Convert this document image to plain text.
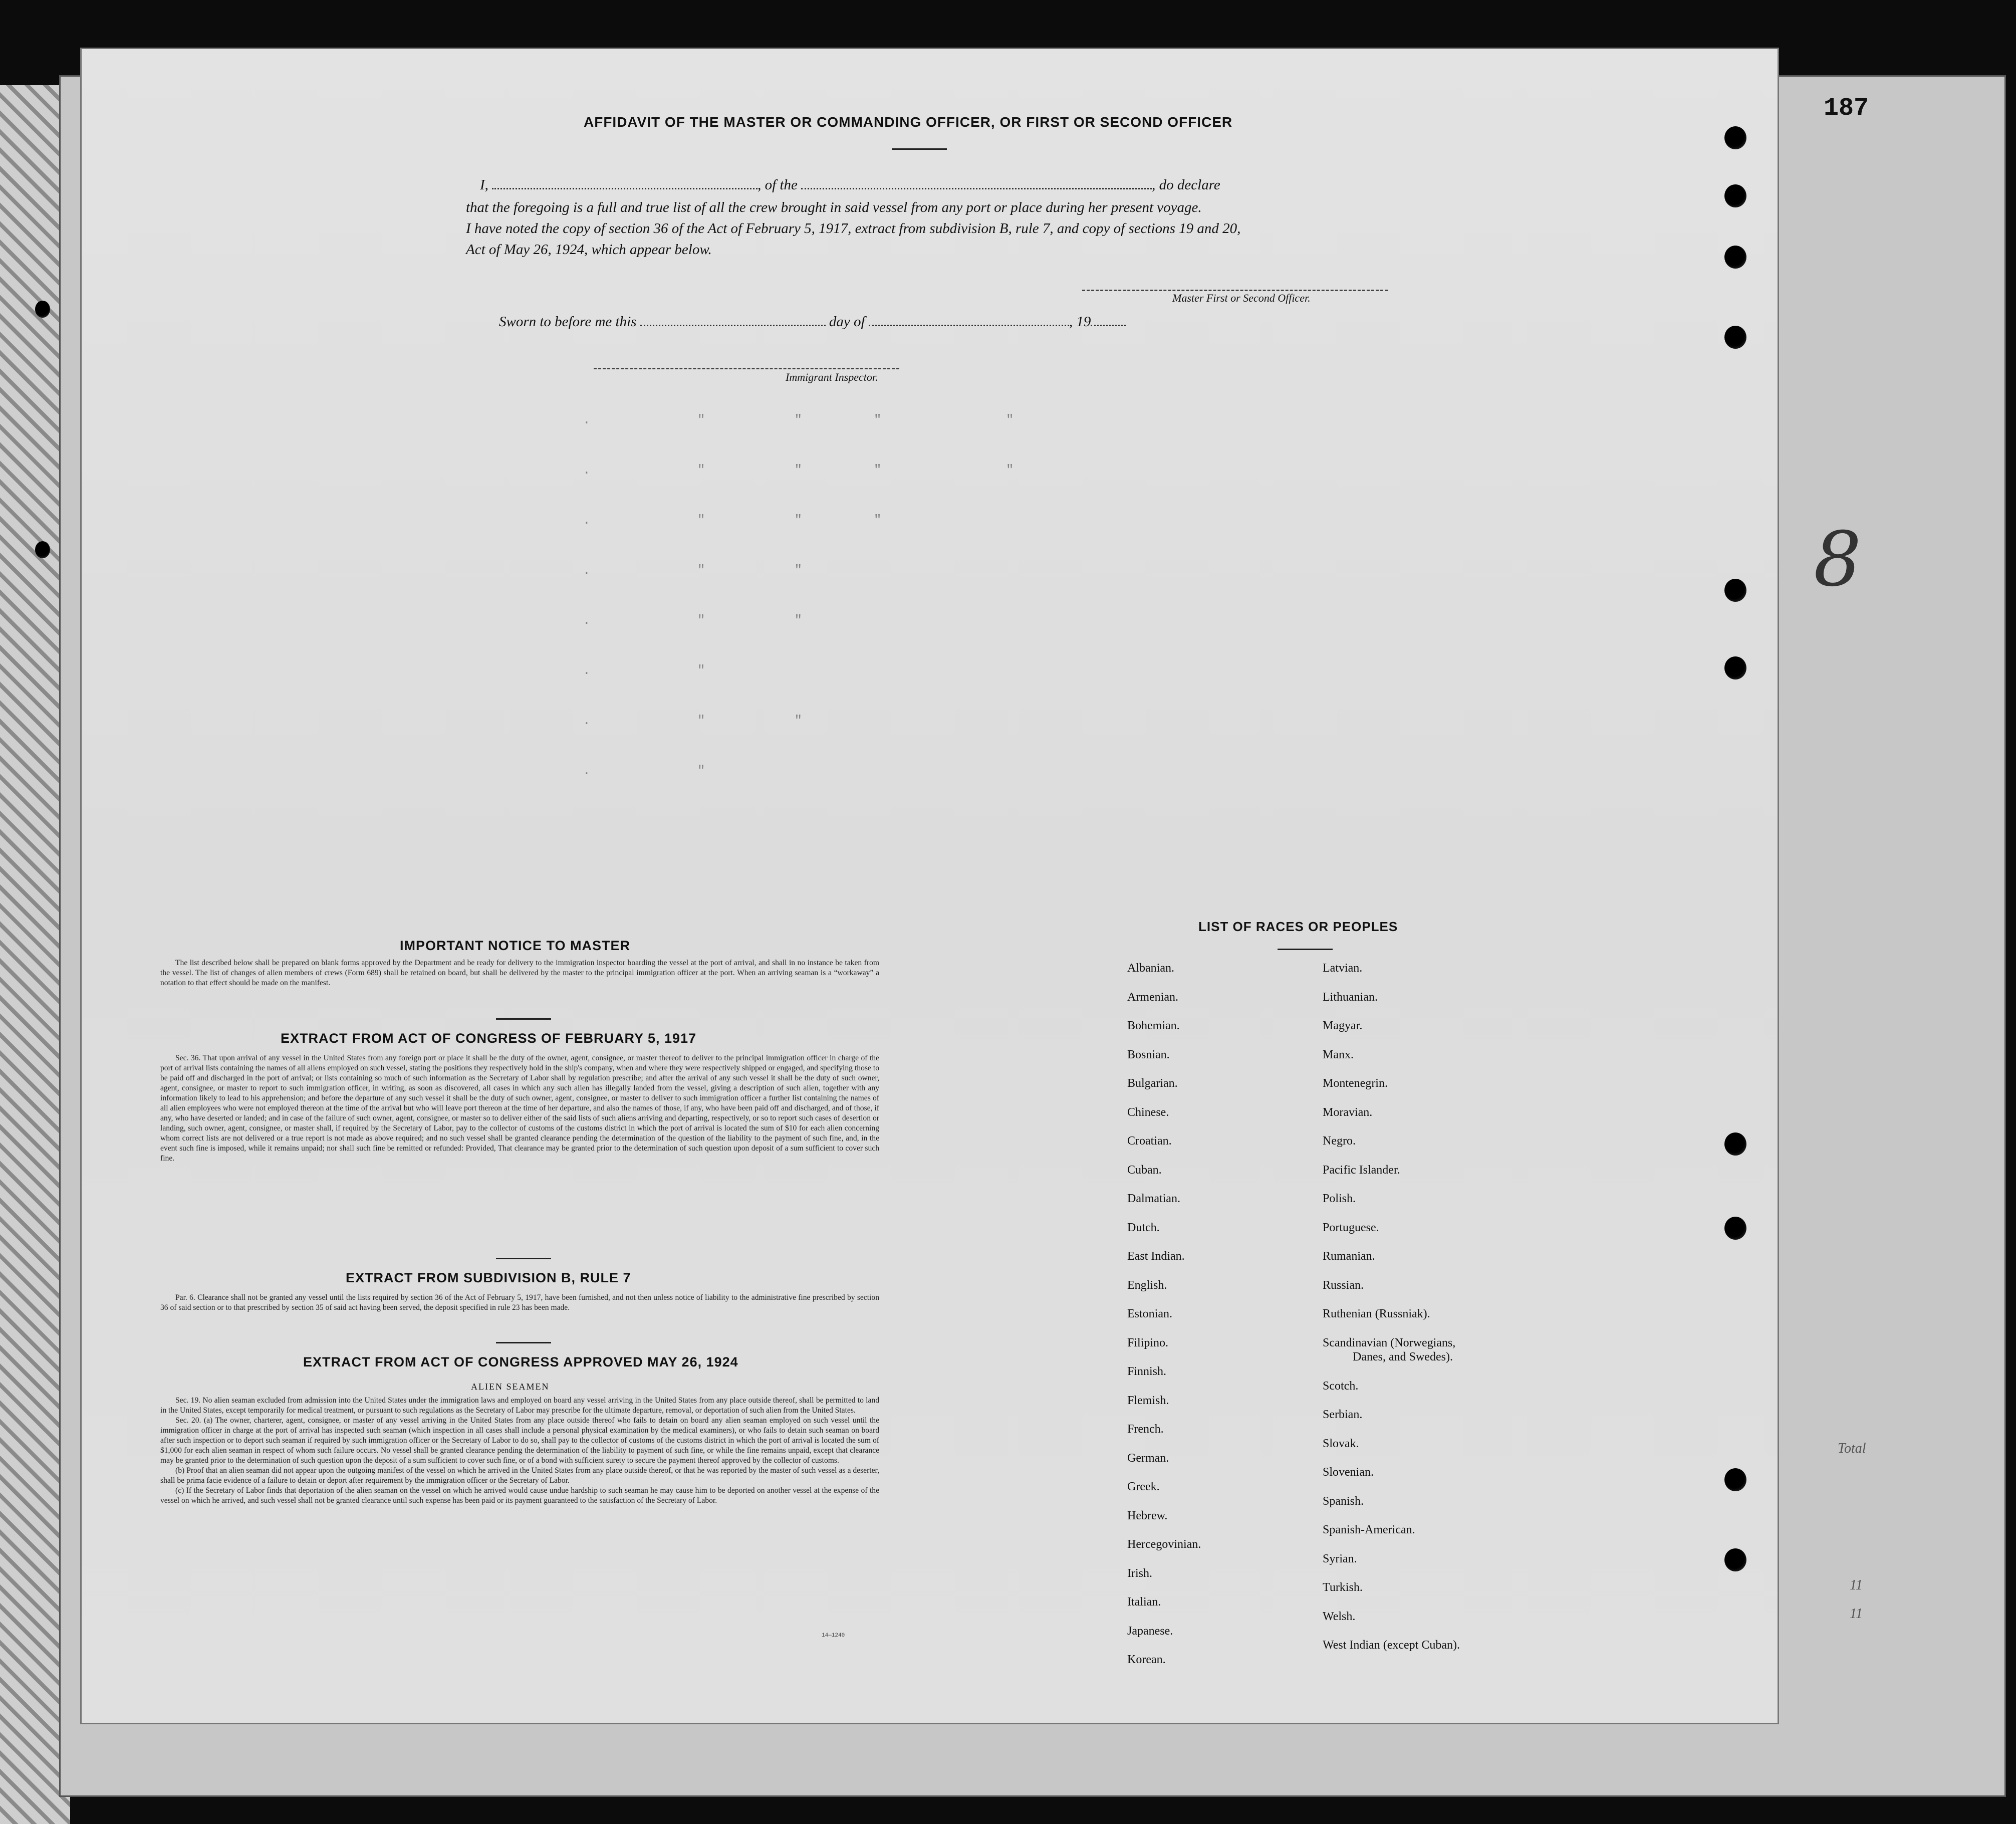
.            "          "        "              "
.            "          "        "              "
.            "          "        "
.            "          "
.            "          "
.            "
.            "          "
.            "
187
AFFIDAVIT OF THE MASTER OR COMMANDING OFFICER, OR FIRST OR SECOND OFFICER
I,	, of the	, do declare
that the foregoing is a full and true list of all the crew brought in said vessel from any port or place during her present voyage.
I have noted the copy of section 36 of the Act of February 5, 1917, extract from subdivision B, rule 7, and copy of sections 19 and 20,
Act of May 26, 1924, which appear below.
Master First or Second Officer.
Sworn to before me this	day of	, 19
Immigrant Inspector.
IMPORTANT NOTICE TO MASTER

The list described below shall be prepared on blank forms approved by the Department and be ready for delivery to the immigration inspector boarding the vessel at the port of arrival, and shall in no instance be taken from the vessel. The list of changes of alien members of crews (Form 689) shall be retained on board, but shall be delivered by the master to the principal immigration officer at the port. When an arriving seaman is a “workaway” a notation to that effect should be made on the manifest.

EXTRACT FROM ACT OF CONGRESS OF FEBRUARY 5, 1917

Sec. 36. That upon arrival of any vessel in the United States from any foreign port or place it shall be the duty of the owner, agent, consignee, or master thereof to deliver to the principal immigration officer in charge of the port of arrival lists containing the names of all aliens employed on such vessel, stating the positions they respectively hold in the ship's company, when and where they were respectively shipped or engaged, and specifying those to be paid off and discharged in the port of arrival; or lists containing so much of such information as the Secretary of Labor shall by regulation prescribe; and after the arrival of any such vessel it shall be the duty of such owner, agent, consignee, or master to report to such immigration officer, in writing, as soon as discovered, all cases in which any such alien has illegally landed from the vessel, giving a description of such alien, together with any information likely to lead to his apprehension; and before the departure of any such vessel it shall be the duty of such owner, agent, consignee, or master to deliver to such immigration officer a further list containing the names of all alien employees who were not employed thereon at the time of the arrival but who will leave port thereon at the time of her departure, and also the names of those, if any, who have been paid off and discharged, and of those, if any, who have deserted or landed; and in case of the failure of such owner, agent, consignee, or master so to deliver either of the said lists of such aliens arriving and departing, respectively, or so to report such cases of desertion or landing, such owner, agent, consignee, or master shall, if required by the Secretary of Labor, pay to the collector of customs of the customs district in which the port of arrival is located the sum of $10 for each alien concerning whom correct lists are not delivered or a true report is not made as above required; and no such vessel shall be granted clearance pending the determination of the question of the liability to the payment of such fine, and, in the event such fine is imposed, while it remains unpaid; nor shall such fine be remitted or refunded: Provided, That clearance may be granted prior to the determination of such question upon deposit of a sum sufficient to cover such fine.

EXTRACT FROM SUBDIVISION B, RULE 7

Par. 6. Clearance shall not be granted any vessel until the lists required by section 36 of the Act of February 5, 1917, have been furnished, and not then unless notice of liability to the administrative fine prescribed by section 36 of said section or to that prescribed by section 35 of said act having been served, the deposit specified in rule 23 has been made.

EXTRACT FROM ACT OF CONGRESS APPROVED MAY 26, 1924
ALIEN SEAMEN

Sec. 19. No alien seaman excluded from admission into the United States under the immigration laws and employed on board any vessel arriving in the United States from any place outside thereof, shall be permitted to land in the United States, except temporarily for medical treatment, or pursuant to such regulations as the Secretary of Labor may prescribe for the ultimate departure, removal, or deportation of such alien from the United States.

Sec. 20. (a) The owner, charterer, agent, consignee, or master of any vessel arriving in the United States from any place outside thereof who fails to detain on board any alien seaman employed on such vessel until the immigration officer in charge at the port of arrival has inspected such seaman (which inspection in all cases shall include a personal physical examination by the medical examiners), or who fails to detain such seaman on board after such inspection or to deport such seaman if required by such immigration officer or the Secretary of Labor to do so, shall pay to the collector of customs of the customs district in which the port of arrival is located the sum of $1,000 for each alien seaman in respect of whom such failure occurs. No vessel shall be granted clearance pending the determination of the liability to payment of such fine, or while the fine remains unpaid, except that clearance may be granted prior to the determination of such question upon the deposit of a sum sufficient to cover such fine, or of a bond with sufficient surety to secure the payment thereof approved by the collector of customs.

(b) Proof that an alien seaman did not appear upon the outgoing manifest of the vessel on which he arrived in the United States from any place outside thereof, or that he was reported by the master of such vessel as a deserter, shall be prima facie evidence of a failure to detain or deport after requirement by the immigration officer or the Secretary of Labor.

(c) If the Secretary of Labor finds that deportation of the alien seaman on the vessel on which he arrived would cause undue hardship to such seaman he may cause him to be deported on another vessel at the expense of the vessel on which he arrived, and such vessel shall not be granted clearance until such expense has been paid or its payment guaranteed to the satisfaction of the Secretary of Labor.

14—1240
LIST OF RACES OR PEOPLES
Total
11
11
8
Albanian.
Armenian.
Bohemian.
Bosnian.
Bulgarian.
Chinese.
Croatian.
Cuban.
Dalmatian.
Dutch.
East Indian.
English.
Estonian.
Filipino.
Finnish.
Flemish.
French.
German.
Greek.
Hebrew.
Hercegovinian.
Irish.
Italian.
Japanese.
Korean.
Latvian.
Lithuanian.
Magyar.
Manx.
Montenegrin.
Moravian.
Negro.
Pacific Islander.
Polish.
Portuguese.
Rumanian.
Russian.
Ruthenian (Russniak).
Scandinavian (Norwegians,
Danes, and Swedes).
Scotch.
Serbian.
Slovak.
Slovenian.
Spanish.
Spanish-American.
Syrian.
Turkish.
Welsh.
West Indian (except Cuban).
